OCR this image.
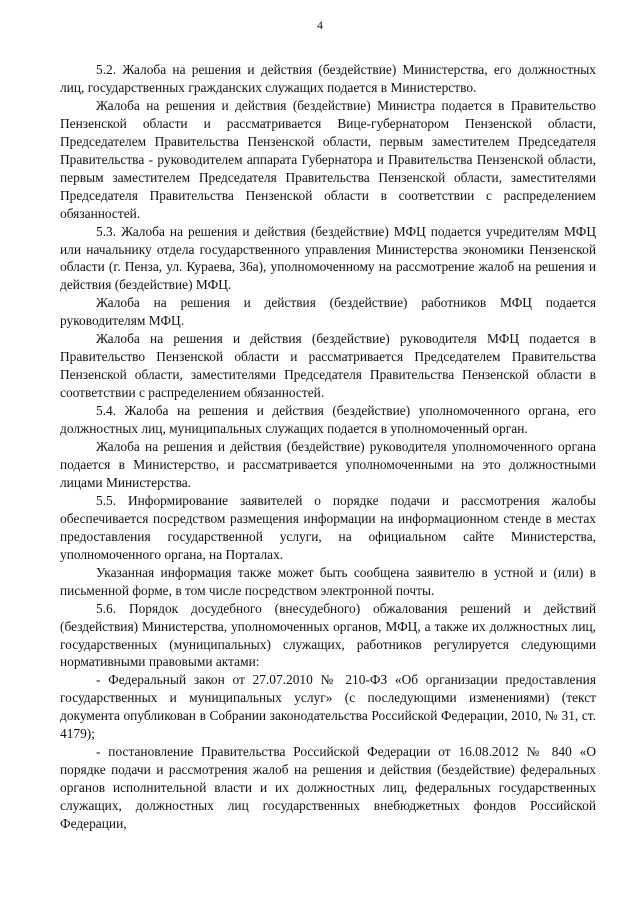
4

5.2. Жалоба на решения и действия (бездействие) Министерства, его должностных лиц, государственных гражданских служащих подается в Министерство.

Жалоба на решения и действия (бездействие) Министра подается в Правительство Пензенской области и рассматривается Вице-губернатором Пензенской области, Председателем Правительства Пензенской области, первым заместителем Председателя Правительства - руководителем аппарата Губернатора и Правительства Пензенской области, первым заместителем Председателя Правительства Пензенской области, заместителями Председателя Правительства Пензенской области в соответствии с распределением обязанностей.

5.3. Жалоба на решения и действия (бездействие) МФЦ подается учредителям МФЦ или начальнику отдела государственного управления Министерства экономики Пензенской области (г. Пенза, ул. Кураева, 36а), уполномоченному на рассмотрение жалоб на решения и действия (бездействие) МФЦ.

Жалоба на решения и действия (бездействие) работников МФЦ подается руководителям МФЦ.

Жалоба на решения и действия (бездействие) руководителя МФЦ подается в Правительство Пензенской области и рассматривается Председателем Правительства Пензенской области, заместителями Председателя Правительства Пензенской области в соответствии с распределением обязанностей.

5.4. Жалоба на решения и действия (бездействие) уполномоченного органа, его должностных лиц, муниципальных служащих подается в уполномоченный орган.

Жалоба на решения и действия (бездействие) руководителя уполномоченного органа подается в Министерство, и рассматривается уполномоченными на это должностными лицами Министерства.

5.5. Информирование заявителей о порядке подачи и рассмотрения жалобы обеспечивается посредством размещения информации на информационном стенде в местах предоставления государственной услуги, на официальном сайте Министерства, уполномоченного органа, на Порталах.

Указанная информация также может быть сообщена заявителю в устной и (или) в письменной форме, в том числе посредством электронной почты.

5.6. Порядок досудебного (внесудебного) обжалования решений и действий (бездействия) Министерства, уполномоченных органов, МФЦ, а также их должностных лиц, государственных (муниципальных) служащих, работников регулируется следующими нормативными правовыми актами:

- Федеральный закон от 27.07.2010 № 210-ФЗ «Об организации предоставления государственных и муниципальных услуг» (с последующими изменениями) (текст документа опубликован в Собрании законодательства Российской Федерации, 2010, № 31, ст. 4179);

- постановление Правительства Российской Федерации от 16.08.2012 № 840 «О порядке подачи и рассмотрения жалоб на решения и действия (бездействие) федеральных органов исполнительной власти и их должностных лиц, федеральных государственных служащих, должностных лиц государственных внебюджетных фондов Российской Федерации,
